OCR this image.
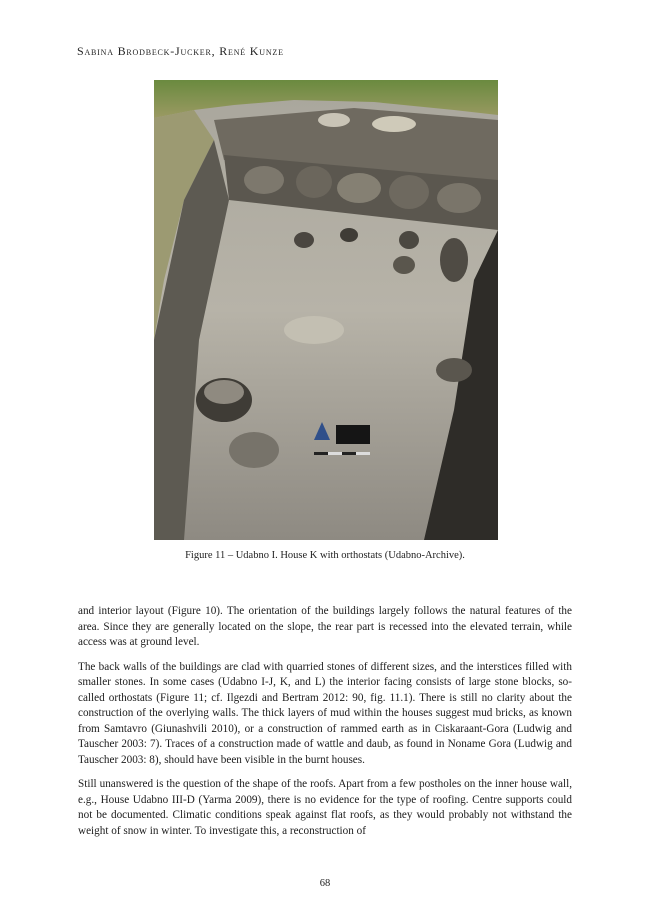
Sabina Brodbeck-Jucker, René Kunze
Figure 11 – Udabno I. House K with orthostats (Udabno-Archive).

and interior layout (Figure 10). The orientation of the buildings largely follows the natural features of the area. Since they are generally located on the slope, the rear part is recessed into the elevated terrain, while access was at ground level.

The back walls of the buildings are clad with quarried stones of different sizes, and the interstices filled with smaller stones. In some cases (Udabno I-J, K, and L) the interior facing consists of large stone blocks, so-called orthostats (Figure 11; cf. Ilgezdi and Bertram 2012: 90, fig. 11.1). There is still no clarity about the construction of the overlying walls. The thick layers of mud within the houses suggest mud bricks, as known from Samtavro (Giunashvili 2010), or a construction of rammed earth as in Ciskaraant-Gora (Ludwig and Tauscher 2003: 7). Traces of a construction made of wattle and daub, as found in Noname Gora (Ludwig and Tauscher 2003: 8), should have been visible in the burnt houses.

Still unanswered is the question of the shape of the roofs. Apart from a few postholes on the inner house wall, e.g., House Udabno III-D (Yarma 2009), there is no evidence for the type of roofing. Centre supports could not be documented. Climatic conditions speak against flat roofs, as they would probably not withstand the weight of snow in winter. To investigate this, a reconstruction of

68
